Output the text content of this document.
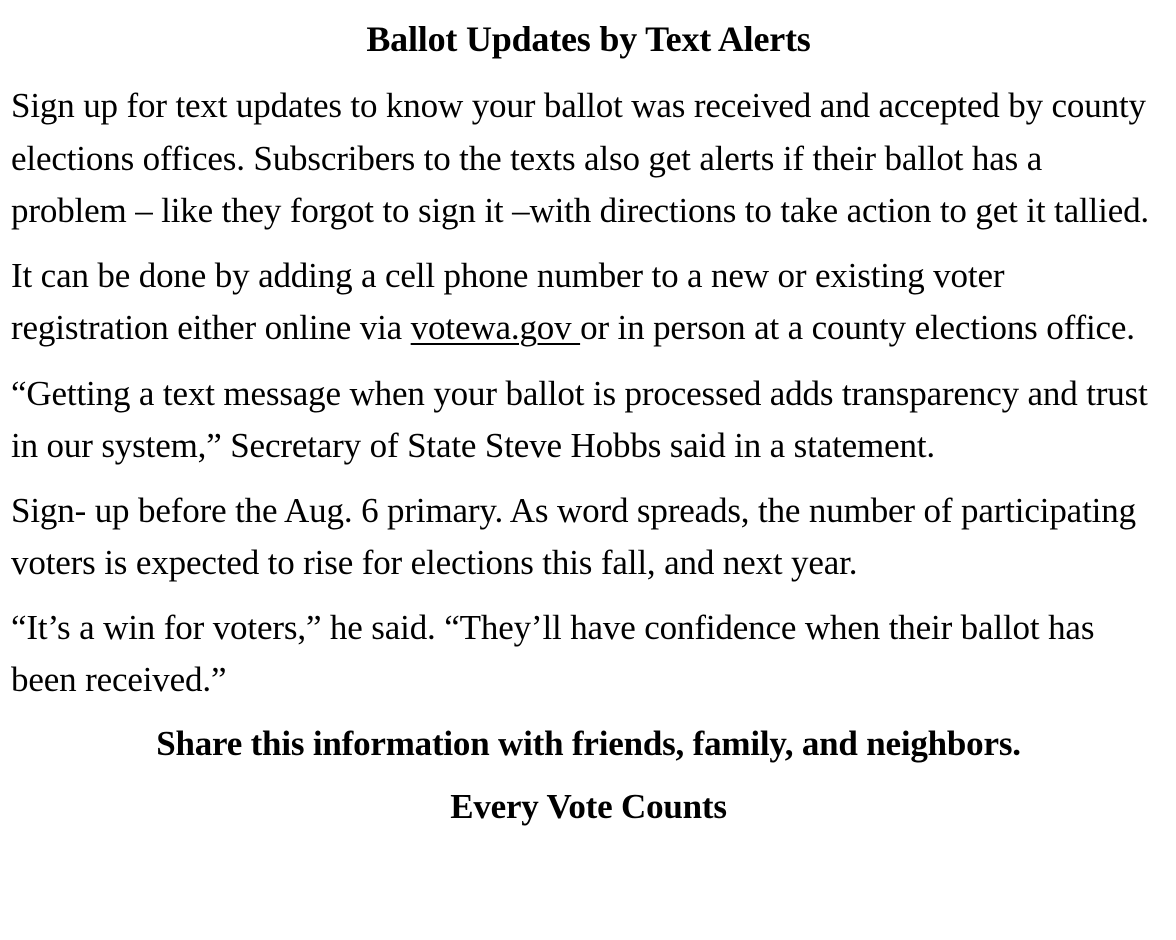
Ballot Updates by Text Alerts

Sign up for text updates to know your ballot was received and accepted by county elections offices. Subscribers to the texts also get alerts if their ballot has a problem – like they forgot to sign it –with directions to take action to get it tallied.

It can be done by adding a cell phone number to a new or existing voter registration either online via votewa.gov or in person at a county elections office.

“Getting a text message when your ballot is processed adds transparency and trust in our system,” Secretary of State Steve Hobbs said in a statement.

Sign- up before the Aug. 6 primary. As word spreads, the number of participating voters is expected to rise for elections this fall, and next year.

“It’s a win for voters,” he said. “They’ll have confidence when their ballot has been received.”

Share this information with friends, family, and neighbors.

Every Vote Counts
